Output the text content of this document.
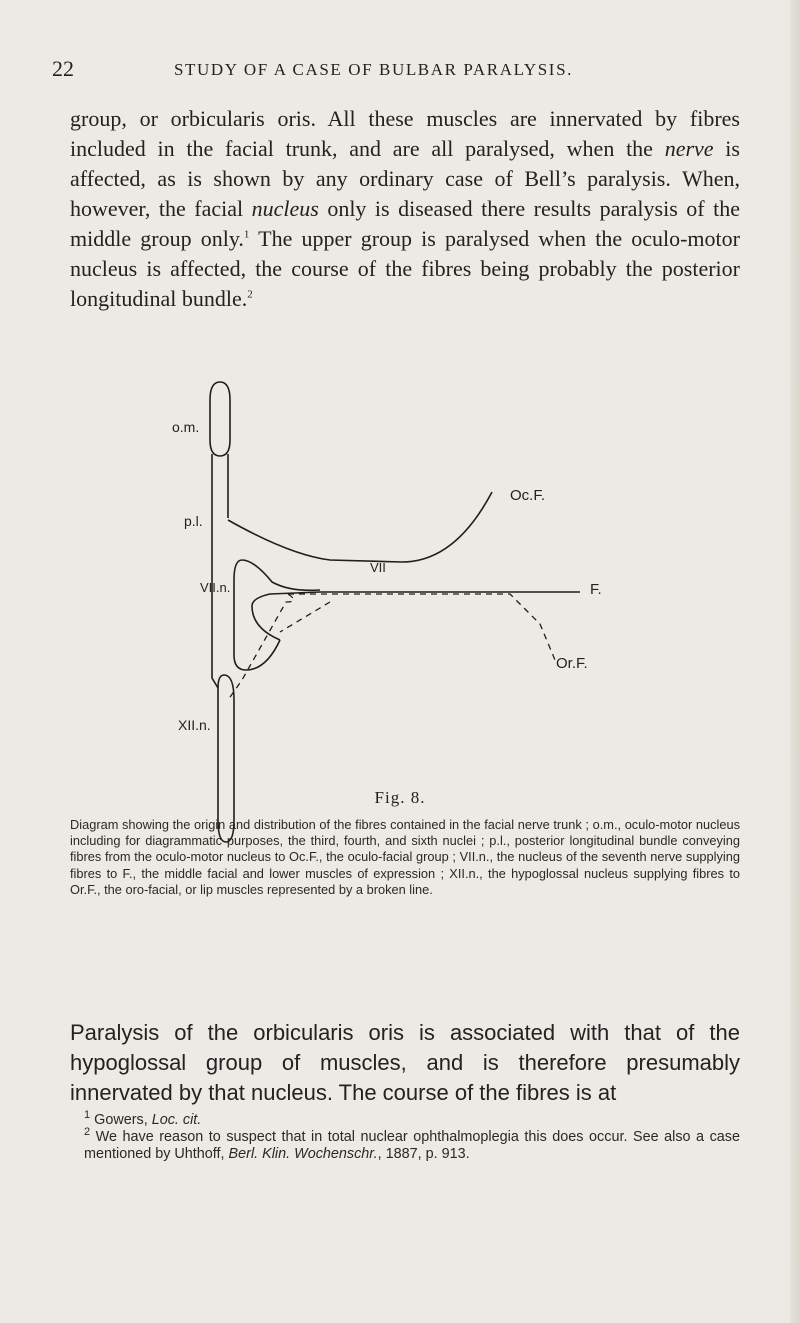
22	STUDY OF A CASE OF BULBAR PARALYSIS.

group, or orbicularis oris. All these muscles are innervated by fibres included in the facial trunk, and are all paralysed, when the nerve is affected, as is shown by any ordinary case of Bell’s paralysis. When, however, the facial nucleus only is diseased there results paralysis of the middle group only.$^1$ The upper group is paralysed when the oculo-motor nucleus is affected, the course of the fibres being probably the posterior longitudinal bundle.$^2$

o.m.
p.l.
VII.n.
VII
Oc.F.
F.
Or.F.
XII.n.
Fig. 8.
Diagram showing the origin and distribution of the fibres contained in the facial nerve trunk ; o.m., oculo-motor nucleus including for diagrammatic purposes, the third, fourth, and sixth nuclei ; p.l., posterior longitudinal bundle conveying fibres from the oculo-motor nucleus to Oc.F., the oculo-facial group ; VII.n., the nucleus of the seventh nerve supplying fibres to F., the middle facial and lower muscles of expression ; XII.n., the hypoglossal nucleus supplying fibres to Or.F., the oro-facial, or lip muscles represented by a broken line.
Paralysis of the orbicularis oris is associated with that of the hypoglossal group of muscles, and is therefore presumably innervated by that nucleus. The course of the fibres is at

$^1$ Gowers, Loc. cit.

$^2$ We have reason to suspect that in total nuclear ophthalmoplegia this does occur. See also a case mentioned by Uhthoff, Berl. Klin. Wochenschr., 1887, p. 913.
